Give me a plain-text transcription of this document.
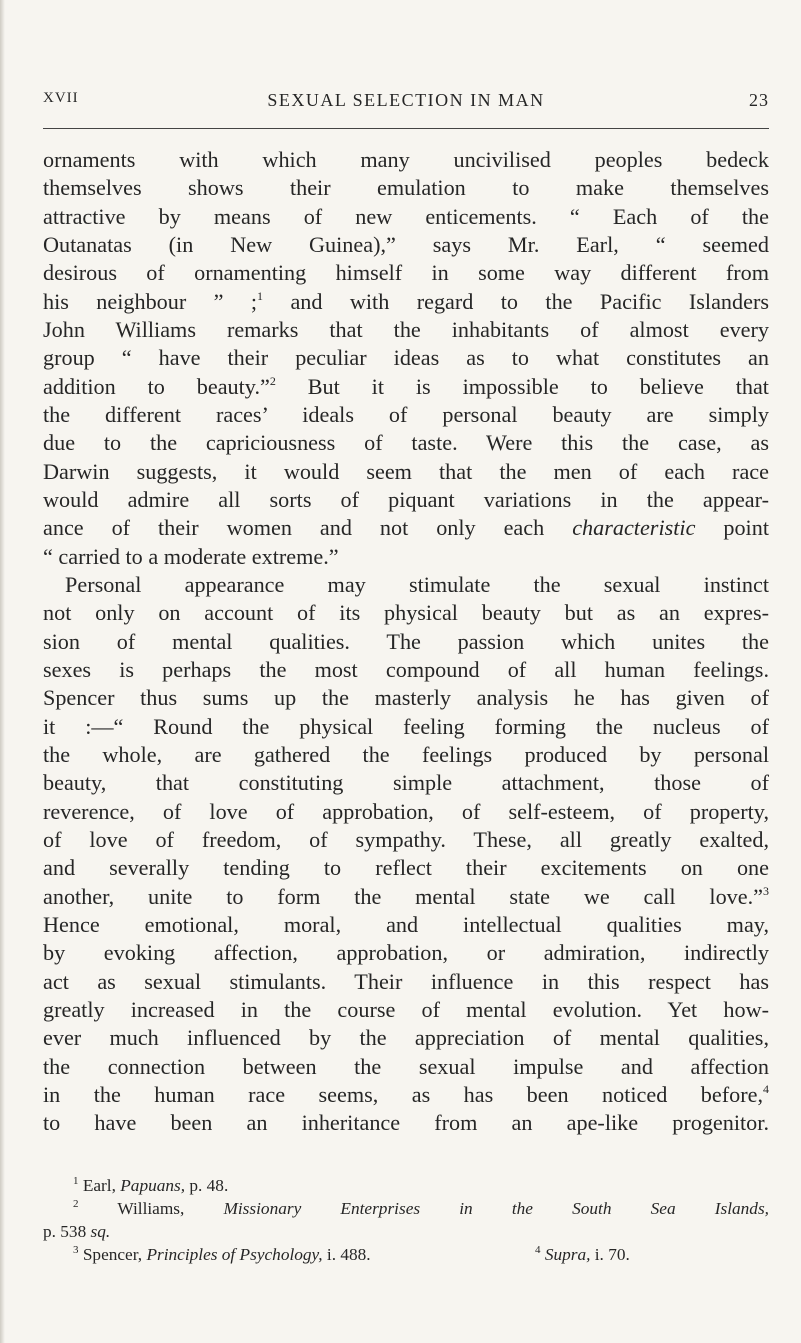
XVII	SEXUAL SELECTION IN MAN	23
ornaments with which many uncivilised peoples bedeck
themselves shows their emulation to make themselves
attractive by means of new enticements. “ Each of the
Outanatas (in New Guinea),” says Mr. Earl, “ seemed
desirous of ornamenting himself in some way different from
his neighbour ” ;$^1$ and with regard to the Pacific Islanders
John Williams remarks that the inhabitants of almost every
group “ have their peculiar ideas as to what constitutes an
addition to beauty.”$^2$ But it is impossible to believe that
the different races’ ideals of personal beauty are simply
due to the capriciousness of taste. Were this the case, as
Darwin suggests, it would seem that the men of each race
would admire all sorts of piquant variations in the appear-
ance of their women and not only each characteristic point
“ carried to a moderate extreme.”
Personal appearance may stimulate the sexual instinct
not only on account of its physical beauty but as an expres-
sion of mental qualities. The passion which unites the
sexes is perhaps the most compound of all human feelings.
Spencer thus sums up the masterly analysis he has given of
it :—“ Round the physical feeling forming the nucleus of
the whole, are gathered the feelings produced by personal
beauty, that constituting simple attachment, those of
reverence, of love of approbation, of self-esteem, of property,
of love of freedom, of sympathy. These, all greatly exalted,
and severally tending to reflect their excitements on one
another, unite to form the mental state we call love.”$^3$
Hence emotional, moral, and intellectual qualities may,
by evoking affection, approbation, or admiration, indirectly
act as sexual stimulants. Their influence in this respect has
greatly increased in the course of mental evolution. Yet how-
ever much influenced by the appreciation of mental qualities,
the connection between the sexual impulse and affection
in the human race seems, as has been noticed before,$^4$
to have been an inheritance from an ape-like progenitor.
$^1$ Earl, Papuans, p. 48.
$^2$ Williams, Missionary Enterprises in the South Sea Islands,
p. 538 sq.
$^3$ Spencer, Principles of Psychology, i. 488.	$^4$ Supra, i. 70.
